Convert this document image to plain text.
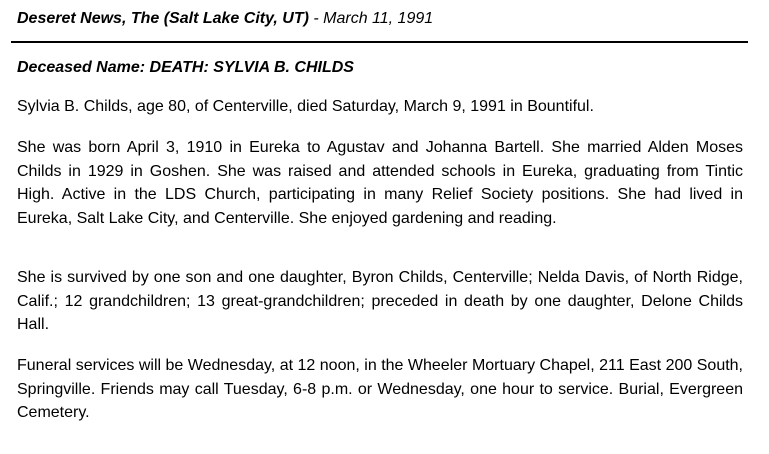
Deseret News, The (Salt Lake City, UT) - March 11, 1991
Deceased Name: DEATH: SYLVIA B. CHILDS

Sylvia B. Childs, age 80, of Centerville, died Saturday, March 9, 1991 in Bountiful.

She was born April 3, 1910 in Eureka to Agustav and Johanna Bartell. She married Alden Moses Childs in 1929 in Goshen. She was raised and attended schools in Eureka, graduating from Tintic High. Active in the LDS Church, participating in many Relief Society positions. She had lived in Eureka, Salt Lake City, and Centerville. She enjoyed gardening and reading.

She is survived by one son and one daughter, Byron Childs, Centerville; Nelda Davis, of North Ridge, Calif.; 12 grandchildren; 13 great-grandchildren; preceded in death by one daughter, Delone Childs Hall.

Funeral services will be Wednesday, at 12 noon, in the Wheeler Mortuary Chapel, 211 East 200 South, Springville. Friends may call Tuesday, 6-8 p.m. or Wednesday, one hour to service. Burial, Evergreen Cemetery.
